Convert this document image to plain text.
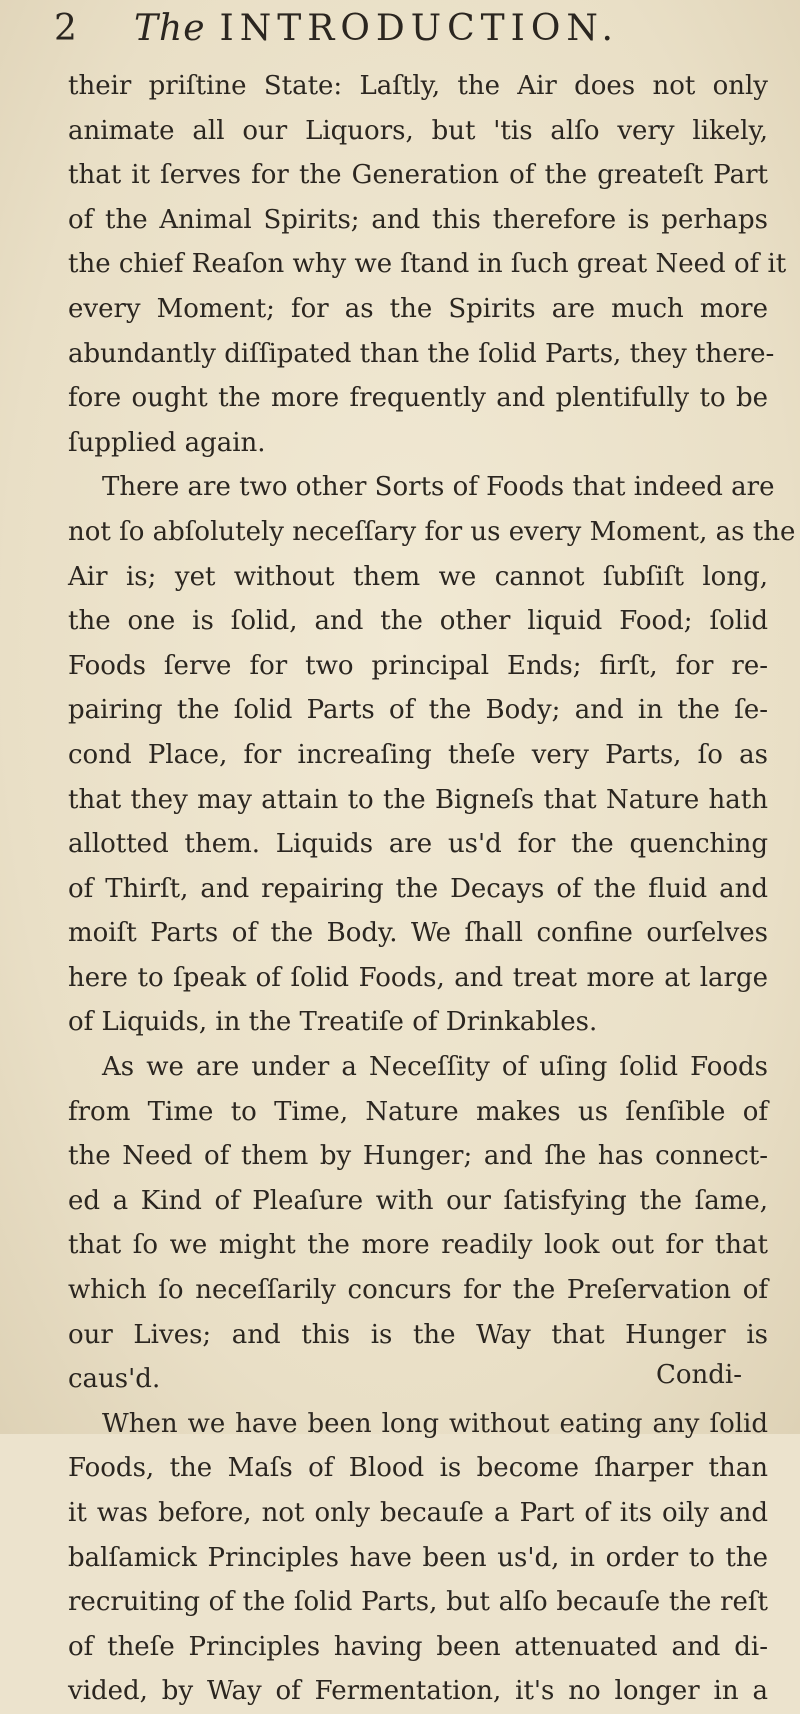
2	The INTRODUCTION.
their priſtine State: Laſtly, the Air does not only
animate all our Liquors, but 'tis alſo very likely,
that it ſerves for the Generation of the greateſt Part
of the Animal Spirits; and this therefore is perhaps
the chief Reaſon why we ſtand in ſuch great Need of it
every Moment; for as the Spirits are much more
abundantly diſſipated than the ſolid Parts, they there-
fore ought the more frequently and plentifully to be
ſupplied again.
There are two other Sorts of Foods that indeed are
not ſo abſolutely neceſſary for us every Moment, as the
Air is; yet without them we cannot ſubſiſt long,
the one is ſolid, and the other liquid Food; ſolid
Foods ſerve for two principal Ends; firſt, for re-
pairing the ſolid Parts of the Body; and in the ſe-
cond Place, for increaſing theſe very Parts, ſo as
that they may attain to the Bigneſs that Nature hath
allotted them. Liquids are us'd for the quenching
of Thirſt, and repairing the Decays of the fluid and
moiſt Parts of the Body. We ſhall confine ourſelves
here to ſpeak of ſolid Foods, and treat more at large
of Liquids, in the Treatiſe of Drinkables.
As we are under a Neceſſity of uſing ſolid Foods
from Time to Time, Nature makes us ſenſible of
the Need of them by Hunger; and ſhe has connect-
ed a Kind of Pleaſure with our ſatisfying the ſame,
that ſo we might the more readily look out for that
which ſo neceſſarily concurs for the Preſervation of
our Lives; and this is the Way that Hunger is
caus'd.
When we have been long without eating any ſolid
Foods, the Maſs of Blood is become ſharper than
it was before, not only becauſe a Part of its oily and
balſamick Principles have been us'd, in order to the
recruiting of the ſolid Parts, but alſo becauſe the reſt
of theſe Principles having been attenuated and di-
vided, by Way of Fermentation, it's no longer in a
Condi-
